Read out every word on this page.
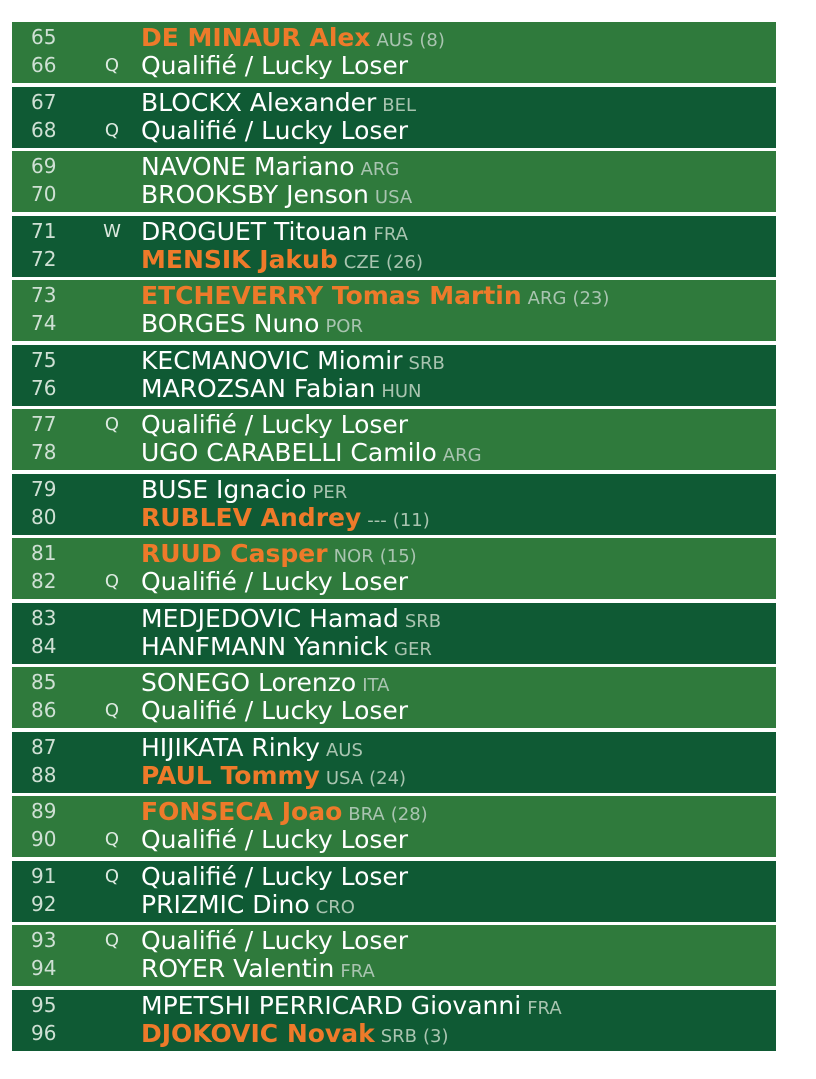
65	DE MINAUR Alex AUS (8)
66	Q Qualifié / Lucky Loser
67	BLOCKX Alexander BEL
68	Q Qualifié / Lucky Loser
69	NAVONE Mariano ARG
70	BROOKSBY Jenson USA
71	W DROGUET Titouan FRA
72	MENSIK Jakub CZE (26)
73	ETCHEVERRY Tomas Martin ARG (23)
74	BORGES Nuno POR
75	KECMANOVIC Miomir SRB
76	MAROZSAN Fabian HUN
77	Q Qualifié / Lucky Loser
78	UGO CARABELLI Camilo ARG
79	BUSE Ignacio PER
80	RUBLEV Andrey --- (11)
81	RUUD Casper NOR (15)
82	Q Qualifié / Lucky Loser
83	MEDJEDOVIC Hamad SRB
84	HANFMANN Yannick GER
85	SONEGO Lorenzo ITA
86	Q Qualifié / Lucky Loser
87	HIJIKATA Rinky AUS
88	PAUL Tommy USA (24)
89	FONSECA Joao BRA (28)
90	Q Qualifié / Lucky Loser
91	Q Qualifié / Lucky Loser
92	PRIZMIC Dino CRO
93	Q Qualifié / Lucky Loser
94	ROYER Valentin FRA
95	MPETSHI PERRICARD Giovanni FRA
96	DJOKOVIC Novak SRB (3)
